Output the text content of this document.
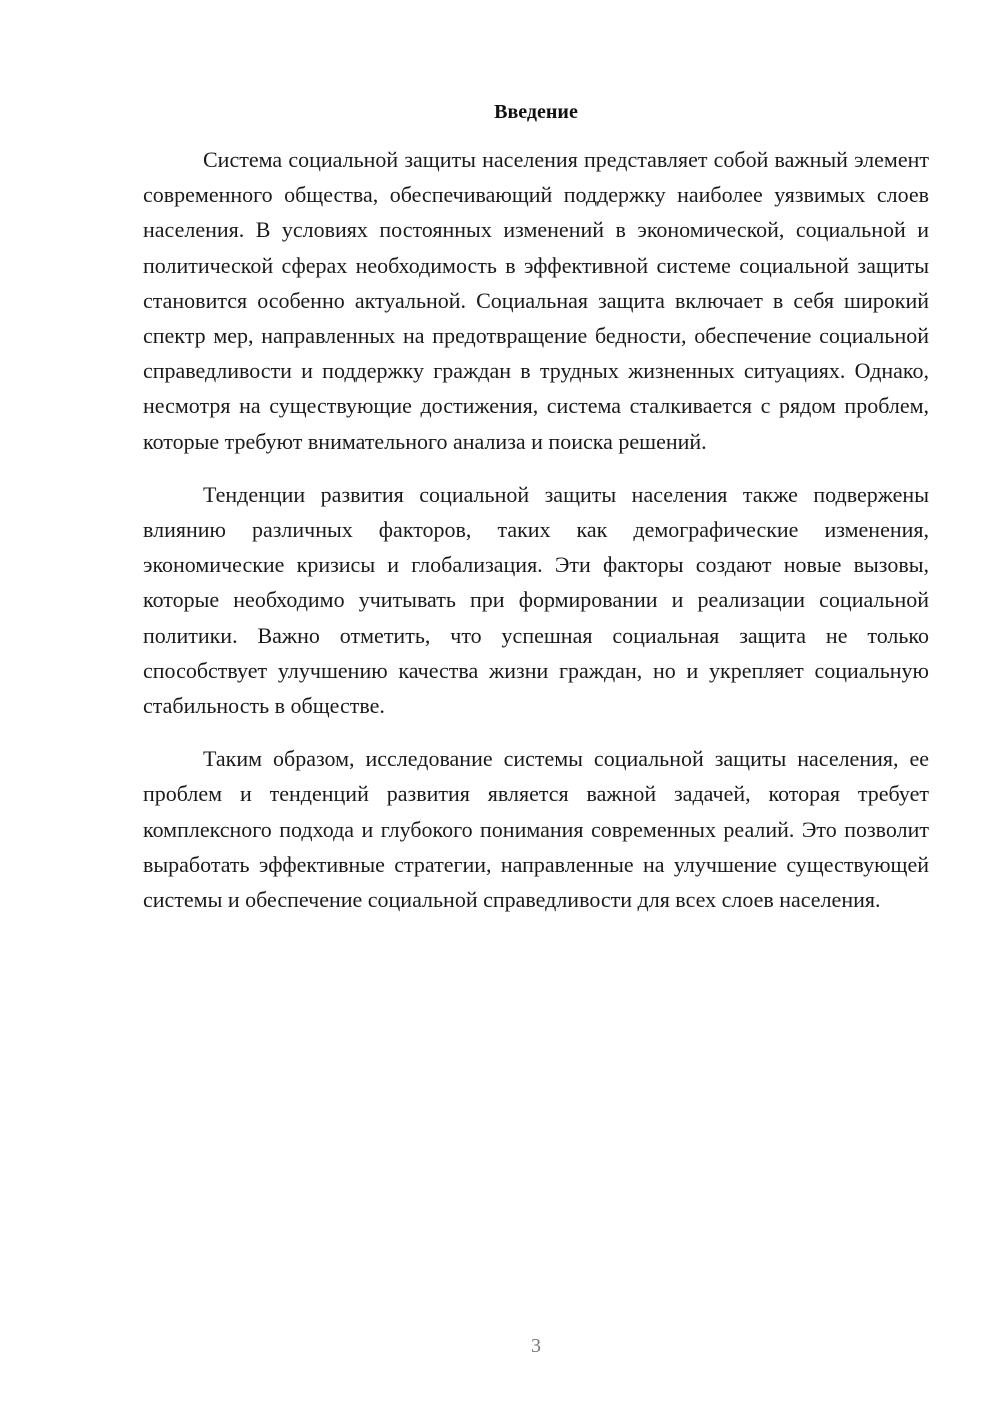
Введение

Система социальной защиты населения представляет собой важный элемент современного общества, обеспечивающий поддержку наиболее уязвимых слоев населения. В условиях постоянных изменений в экономической, социальной и политической сферах необходимость в эффективной системе социальной защиты становится особенно актуальной. Социальная защита включает в себя широкий спектр мер, направленных на предотвращение бедности, обеспечение социальной справедливости и поддержку граждан в трудных жизненных ситуациях. Однако, несмотря на существующие достижения, система сталкивается с рядом проблем, которые требуют внимательного анализа и поиска решений.

Тенденции развития социальной защиты населения также подвержены влиянию различных факторов, таких как демографические изменения, экономические кризисы и глобализация. Эти факторы создают новые вызовы, которые необходимо учитывать при формировании и реализации социальной политики. Важно отметить, что успешная социальная защита не только способствует улучшению качества жизни граждан, но и укрепляет социальную стабильность в обществе.

Таким образом, исследование системы социальной защиты населения, ее проблем и тенденций развития является важной задачей, которая требует комплексного подхода и глубокого понимания современных реалий. Это позволит выработать эффективные стратегии, направленные на улучшение существующей системы и обеспечение социальной справедливости для всех слоев населения.

3
